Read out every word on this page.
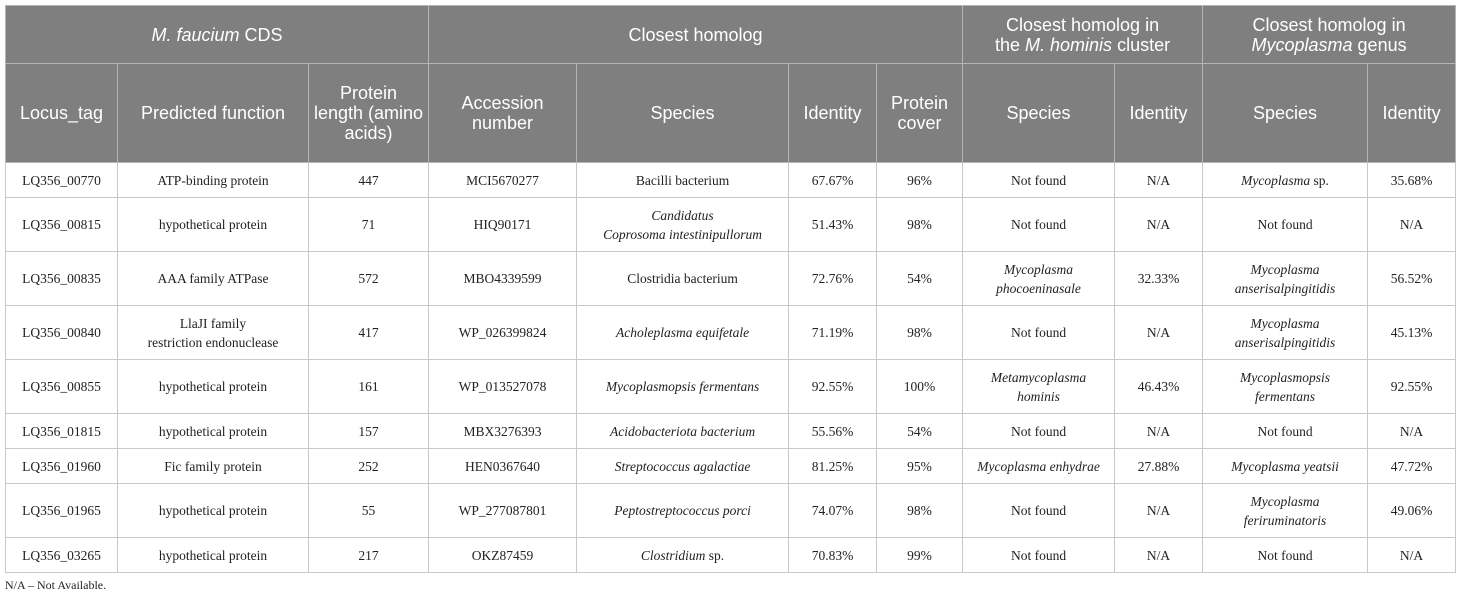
M. faucium CDS			Closest homolog				Closest homolog in
the M. hominis cluster		Closest homolog in
Mycoplasma genus	
Locus_tag	Predicted function	Protein length (amino acids)	Accession number	Species	Identity	Protein cover	Species	Identity	Species	Identity
LQ356_00770	ATP-binding protein	447	MCI5670277	Bacilli bacterium	67.67%	96%	Not found	N/A	Mycoplasma sp.	35.68%
LQ356_00815	hypothetical protein	71	HIQ90171	Candidatus
Coprosoma intestinipullorum	51.43%	98%	Not found	N/A	Not found	N/A
LQ356_00835	AAA family ATPase	572	MBO4339599	Clostridia bacterium	72.76%	54%	Mycoplasma
phocoeninasale	32.33%	Mycoplasma
anserisalpingitidis	56.52%
LQ356_00840	LlaJI family
restriction endonuclease	417	WP_026399824	Acholeplasma equifetale	71.19%	98%	Not found	N/A	Mycoplasma
anserisalpingitidis	45.13%
LQ356_00855	hypothetical protein	161	WP_013527078	Mycoplasmopsis fermentans	92.55%	100%	Metamycoplasma
hominis	46.43%	Mycoplasmopsis
fermentans	92.55%
LQ356_01815	hypothetical protein	157	MBX3276393	Acidobacteriota bacterium	55.56%	54%	Not found	N/A	Not found	N/A
LQ356_01960	Fic family protein	252	HEN0367640	Streptococcus agalactiae	81.25%	95%	Mycoplasma enhydrae	27.88%	Mycoplasma yeatsii	47.72%
LQ356_01965	hypothetical protein	55	WP_277087801	Peptostreptococcus porci	74.07%	98%	Not found	N/A	Mycoplasma
feriruminatoris	49.06%
LQ356_03265	hypothetical protein	217	OKZ87459	Clostridium sp.	70.83%	99%	Not found	N/A	Not found	N/A
N/A – Not Available.
